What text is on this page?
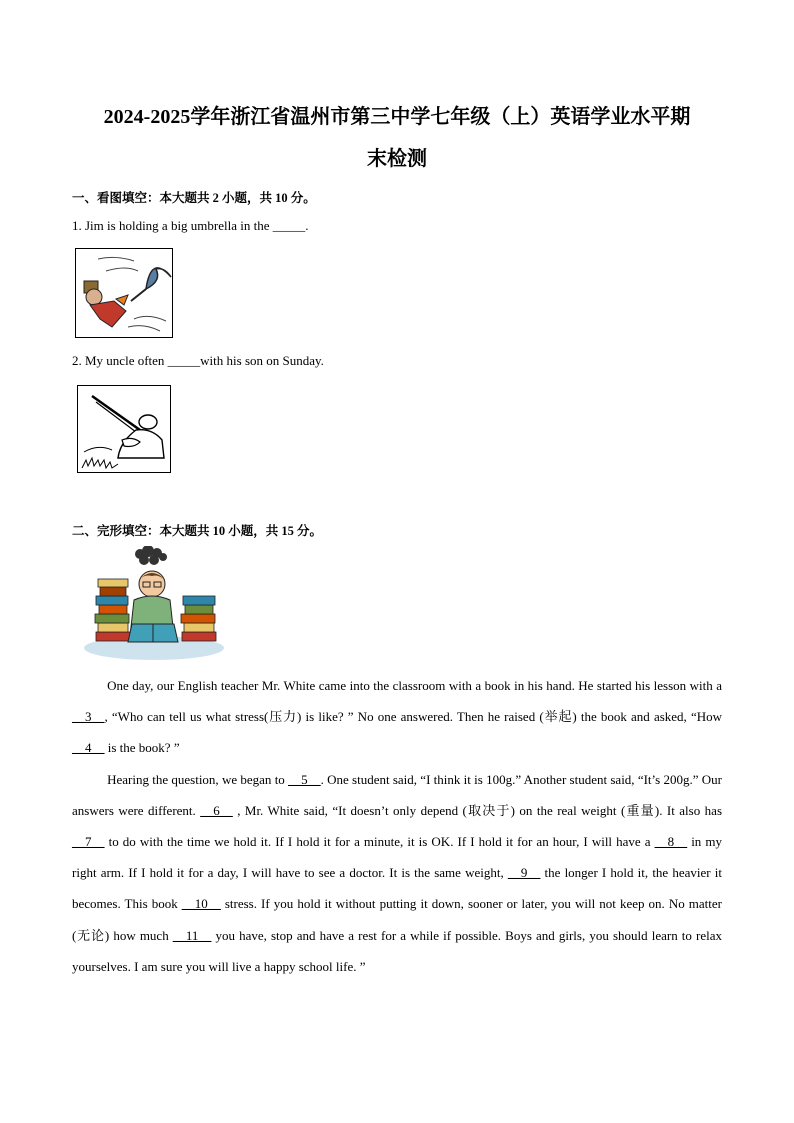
2024-2025学年浙江省温州市第三中学七年级（上）英语学业水平期
末检测
一、看图填空：本大题共 2 小题，共 10 分。
1. Jim is holding a big umbrella in the _____.
2. My uncle often _____with his son on Sunday.
二、完形填空：本大题共 10 小题，共 15 分。

One day, our English teacher Mr. White came into the classroom with a book in his hand. He started his lesson with a __3__, “Who can tell us what stress(压力) is like? ” No one answered. Then he raised (举起) the book and asked, “How __4__ is the book? ”

Hearing the question, we began to __5__. One student said, “I think it is 100g.” Another student said, “It’s 200g.” Our answers were different. __6__ , Mr. White said, “It doesn’t only depend (取决于) on the real weight (重量). It also has __7__ to do with the time we hold it. If I hold it for a minute, it is OK. If I hold it for an hour, I will have a __8__ in my right arm. If I hold it for a day, I will have to see a doctor. It is the same weight, __9__ the longer I hold it, the heavier it becomes. This book __10__ stress. If you hold it without putting it down, sooner or later, you will not keep on. No matter (无论) how much __11__ you have, stop and have a rest for a while if possible. Boys and girls, you should learn to relax yourselves. I am sure you will live a happy school life. ”
